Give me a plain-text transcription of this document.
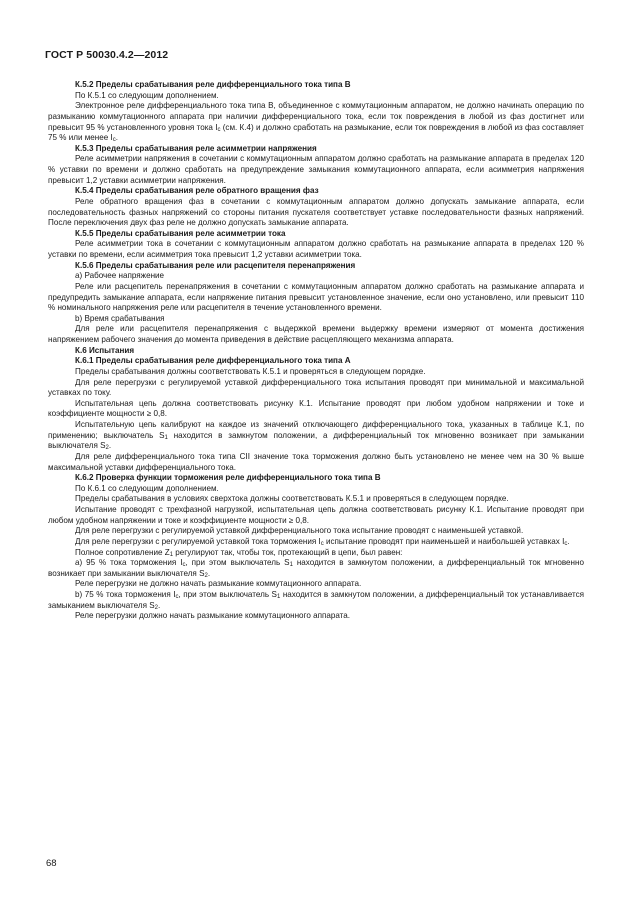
ГОСТ Р 50030.4.2—2012

К.5.2 Пределы срабатывания реле дифференциального тока типа В

По К.5.1 со следующим дополнением.

Электронное реле дифференциального тока типа В, объединенное с коммутационным аппаратом, не должно начинать операцию по размыканию коммутационного аппарата при наличии дифференциального тока, если ток повреждения в любой из фаз достигнет или превысит 95 % установленного уровня тока $I_c$ (см. К.4) и должно сработать на размыкание, если ток повреждения в любой из фаз составляет 75 % или менее $I_c$.

К.5.3 Пределы срабатывания реле асимметрии напряжения

Реле асимметрии напряжения в сочетании с коммутационным аппаратом должно сработать на размыкание аппарата в пределах 120 % уставки по времени и должно сработать на предупреждение замыкания коммутационного аппарата, если асимметрия напряжения превысит 1,2 уставки асимметрии напряжения.

К.5.4 Пределы срабатывания реле обратного вращения фаз

Реле обратного вращения фаз в сочетании с коммутационным аппаратом должно допускать замыкание аппарата, если последовательность фазных напряжений со стороны питания пускателя соответствует уставке последовательности фазных напряжений. После переключения двух фаз реле не должно допускать замыкание аппарата.

К.5.5 Пределы срабатывания реле асимметрии тока

Реле асимметрии тока в сочетании с коммутационным аппаратом должно сработать на размыкание аппарата в пределах 120 % уставки по времени, если асимметрия тока превысит 1,2 уставки асимметрии тока.

К.5.6 Пределы срабатывания реле или расцепителя перенапряжения

а) Рабочее напряжение

Реле или расцепитель перенапряжения в сочетании с коммутационным аппаратом должно сработать на размыкание аппарата и предупредить замыкание аппарата, если напряжение питания превысит установленное значение, если оно установлено, или превысит 110 % номинального напряжения реле или расцепителя в течение установленного времени.

b) Время срабатывания

Для реле или расцепителя перенапряжения с выдержкой времени выдержку времени измеряют от момента достижения напряжением рабочего значения до момента приведения в действие расцепляющего механизма аппарата.

К.6 Испытания

К.6.1 Пределы срабатывания реле дифференциального тока типа А

Пределы срабатывания должны соответствовать К.5.1 и проверяться в следующем порядке.

Для реле перегрузки с регулируемой уставкой дифференциального тока испытания проводят при минимальной и максимальной уставках по току.

Испытательная цепь должна соответствовать рисунку К.1. Испытание проводят при любом удобном напряжении и токе и коэффициенте мощности ≥ 0,8.

Испытательную цепь калибруют на каждое из значений отключающего дифференциального тока, указанных в таблице К.1, по применению; выключатель $S_1$ находится в замкнутом положении, а дифференциальный ток мгновенно возникает при замыкании выключателя $S_2$.

Для реле дифференциального тока типа CII значение тока торможения должно быть установлено не менее чем на 30 % выше максимальной уставки дифференциального тока.

К.6.2 Проверка функции торможения реле дифференциального тока типа В

По К.6.1 со следующим дополнением.

Пределы срабатывания в условиях сверхтока должны соответствовать К.5.1 и проверяться в следующем порядке.

Испытание проводят с трехфазной нагрузкой, испытательная цепь должна соответствовать рисунку К.1. Испытание проводят при любом удобном напряжении и токе и коэффициенте мощности ≥ 0,8.

Для реле перегрузки с регулируемой уставкой дифференциального тока испытание проводят с наименьшей уставкой.

Для реле перегрузки с регулируемой уставкой тока торможения $I_c$ испытание проводят при наименьшей и наибольшей уставках $I_c$.

Полное сопротивление $Z_1$ регулируют так, чтобы ток, протекающий в цепи, был равен:

а) 95 % тока торможения $I_c$, при этом выключатель $S_1$ находится в замкнутом положении, а дифференциальный ток мгновенно возникает при замыкании выключателя $S_2$.

Реле перегрузки не должно начать размыкание коммутационного аппарата.

b) 75 % тока торможения $I_c$, при этом выключатель $S_1$ находится в замкнутом положении, а дифференциальный ток устанавливается замыканием выключателя $S_2$.

Реле перегрузки должно начать размыкание коммутационного аппарата.

68
